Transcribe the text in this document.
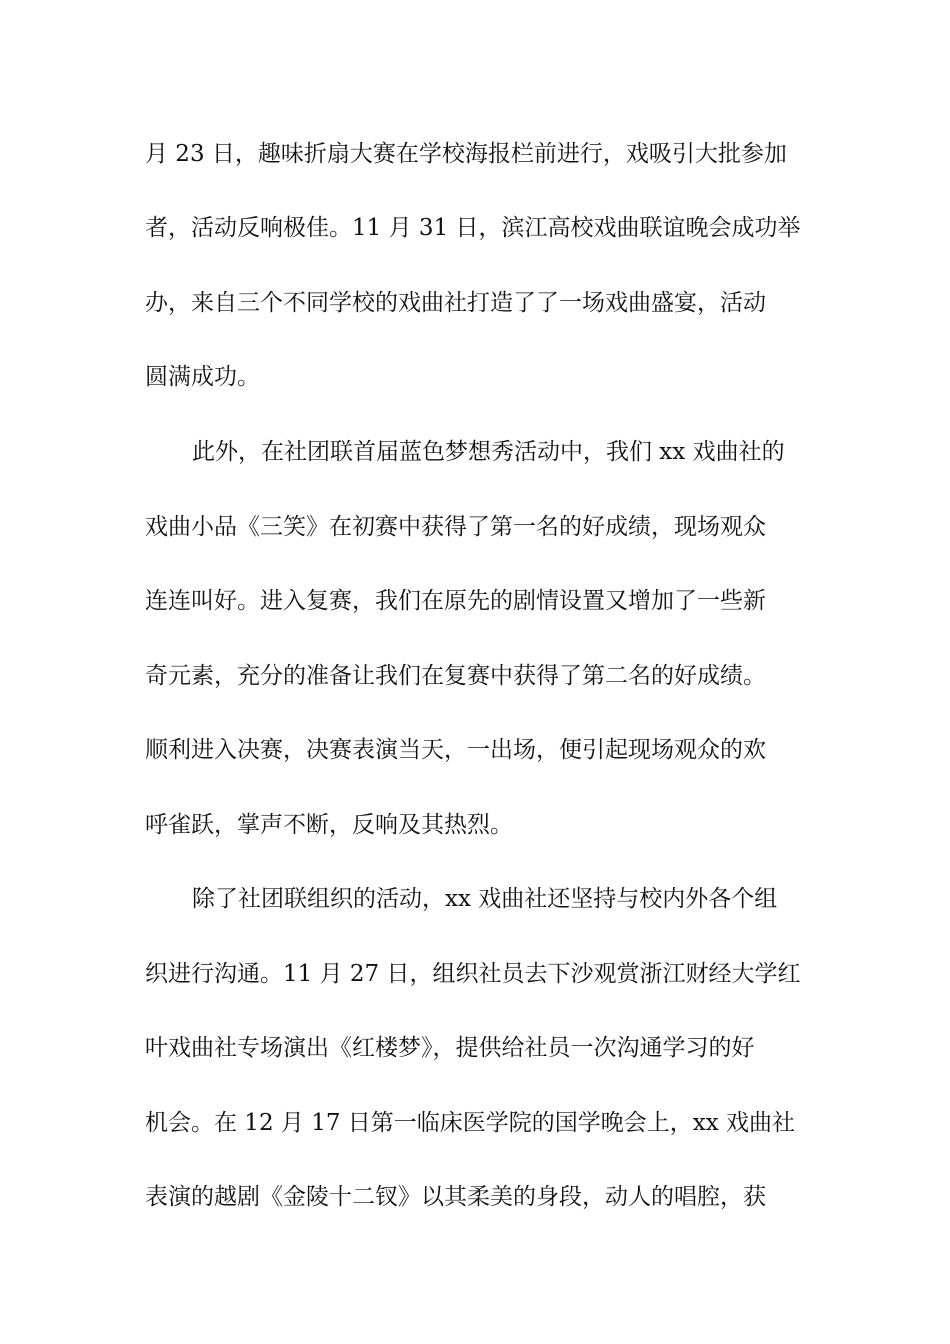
月 23 日，趣味折扇大赛在学校海报栏前进行，戏吸引大批参加
者，活动反响极佳。11 月 31 日，滨江高校戏曲联谊晚会成功举
办，来自三个不同学校的戏曲社打造了了一场戏曲盛宴，活动
圆满成功。
此外，在社团联首届蓝色梦想秀活动中，我们 xx 戏曲社的
戏曲小品《三笑》在初赛中获得了第一名的好成绩，现场观众
连连叫好。进入复赛，我们在原先的剧情设置又增加了一些新
奇元素，充分的准备让我们在复赛中获得了第二名的好成绩。
顺利进入决赛，决赛表演当天，一出场，便引起现场观众的欢
呼雀跃，掌声不断，反响及其热烈。
除了社团联组织的活动，xx 戏曲社还坚持与校内外各个组
织进行沟通。11 月 27 日，组织社员去下沙观赏浙江财经大学红
叶戏曲社专场演出《红楼梦》，提供给社员一次沟通学习的好
机会。在 12 月 17 日第一临床医学院的国学晚会上，xx 戏曲社
表演的越剧《金陵十二钗》以其柔美的身段，动人的唱腔，获
